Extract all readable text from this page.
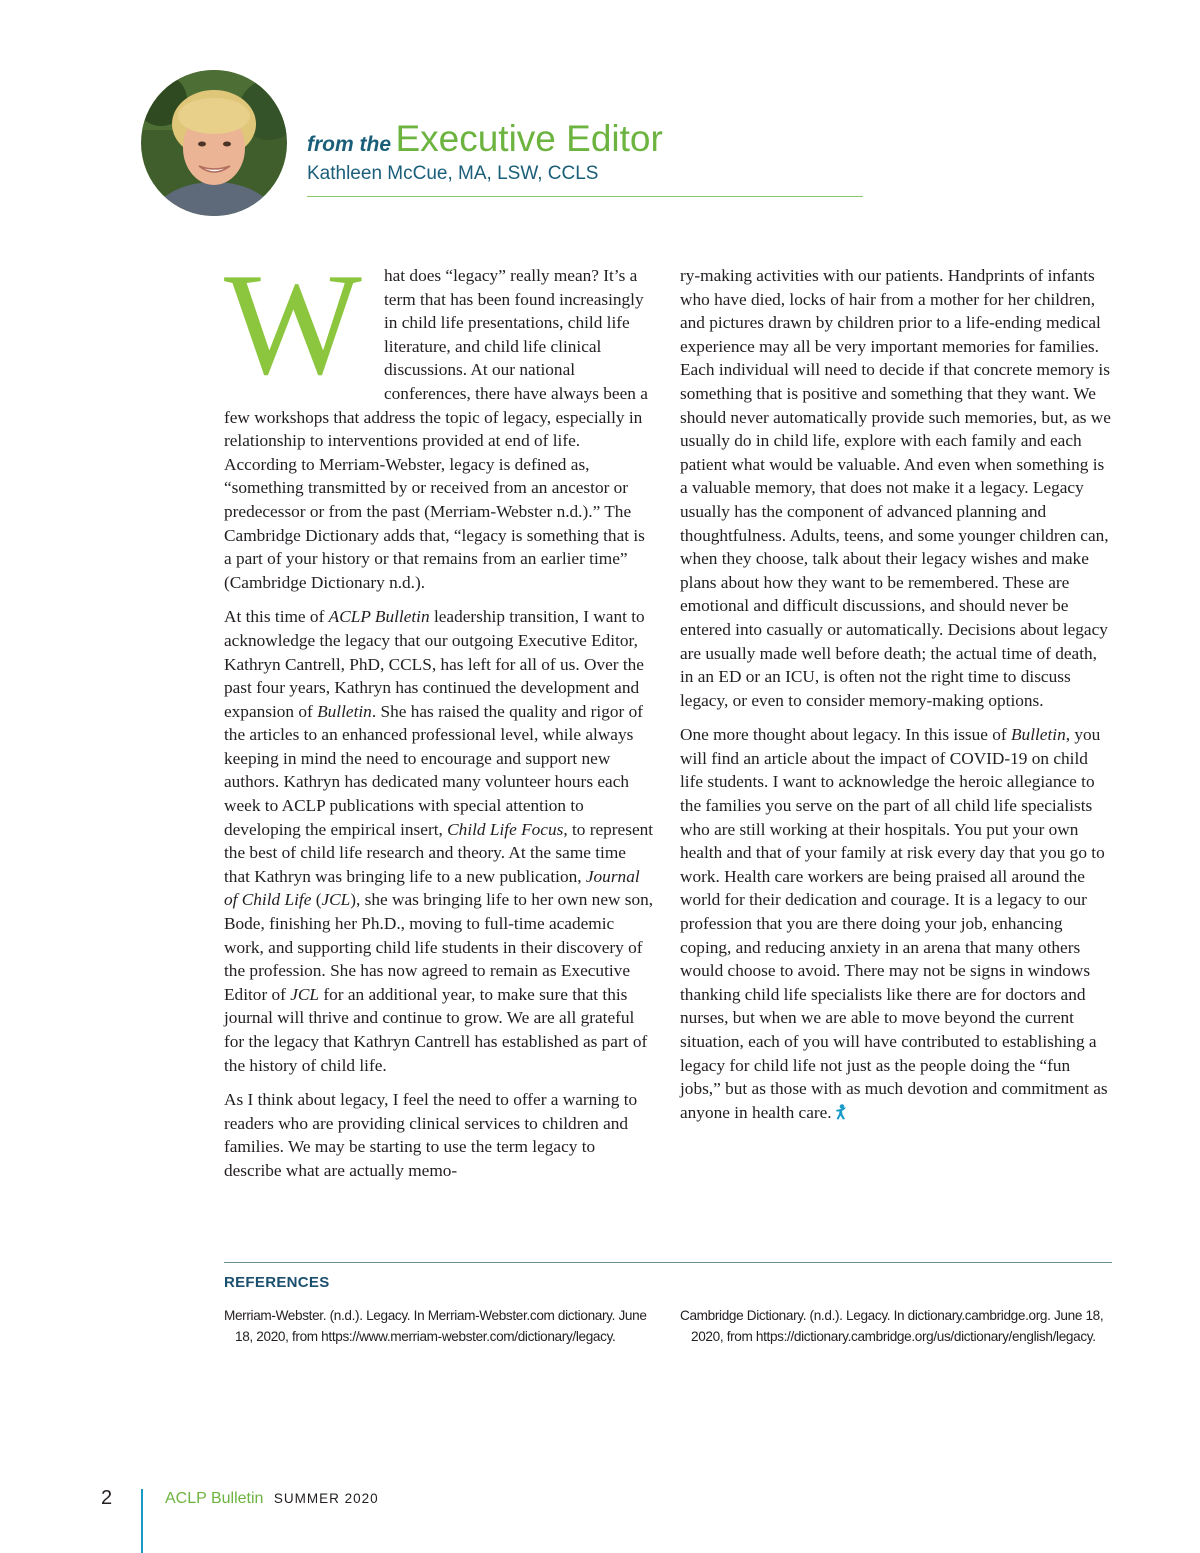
from the Executive Editor
Kathleen McCue, MA, LSW, CCLS

W	hat does “legacy” really mean? It’s a term that has been found increasingly in child life presentations, child life literature, and child life clinical discussions. At our national conferences, there have always been a few workshops that address the topic of legacy, especially in relationship to interventions provided at end of life. According to Merriam-Webster, legacy is defined as, “something transmitted by or received from an ancestor or predecessor or from the past (Merriam-Webster n.d.).” The Cambridge Dictionary adds that, “legacy is something that is a part of your history or that remains from an earlier time” (Cambridge Dictionary n.d.).

At this time of ACLP Bulletin leadership transition, I want to acknowledge the legacy that our outgoing Executive Editor, Kathryn Cantrell, PhD, CCLS, has left for all of us. Over the past four years, Kathryn has continued the development and expansion of Bulletin. She has raised the quality and rigor of the articles to an enhanced professional level, while always keeping in mind the need to encourage and support new authors. Kathryn has dedicated many volunteer hours each week to ACLP publications with special attention to developing the empirical insert, Child Life Focus, to represent the best of child life research and theory. At the same time that Kathryn was bringing life to a new publication, Journal of Child Life (JCL), she was bringing life to her own new son, Bode, finishing her Ph.D., moving to full-time academic work, and supporting child life students in their discovery of the profession. She has now agreed to remain as Executive Editor of JCL for an additional year, to make sure that this journal will thrive and continue to grow. We are all grateful for the legacy that Kathryn Cantrell has established as part of the history of child life.

As I think about legacy, I feel the need to offer a warning to readers who are providing clinical services to children and families. We may be starting to use the term legacy to describe what are actually memo-

ry-making activities with our patients. Handprints of infants who have died, locks of hair from a mother for her children, and pictures drawn by children prior to a life-ending medical experience may all be very important memories for families. Each individual will need to decide if that concrete memory is something that is positive and something that they want. We should never automatically provide such memories, but, as we usually do in child life, explore with each family and each patient what would be valuable. And even when something is a valuable memory, that does not make it a legacy. Legacy usually has the component of advanced planning and thoughtfulness. Adults, teens, and some younger children can, when they choose, talk about their legacy wishes and make plans about how they want to be remembered. These are emotional and difficult discussions, and should never be entered into casually or automatically. Decisions about legacy are usually made well before death; the actual time of death, in an ED or an ICU, is often not the right time to discuss legacy, or even to consider memory-making options.

One more thought about legacy. In this issue of Bulletin, you will find an article about the impact of COVID-19 on child life students. I want to acknowledge the heroic allegiance to the families you serve on the part of all child life specialists who are still working at their hospitals. You put your own health and that of your family at risk every day that you go to work. Health care workers are being praised all around the world for their dedication and courage. It is a legacy to our profession that you are there doing your job, enhancing coping, and reducing anxiety in an arena that many others would choose to avoid. There may not be signs in windows thanking child life specialists like there are for doctors and nurses, but when we are able to move beyond the current situation, each of you will have contributed to establishing a legacy for child life not just as the people doing the “fun jobs,” but as those with as much devotion and commitment as anyone in health care.

REFERENCES
Merriam-Webster. (n.d.). Legacy. In Merriam-Webster.com dictionary. June 18, 2020, from https://www.merriam-webster.com/dictionary/legacy.
Cambridge Dictionary. (n.d.). Legacy. In dictionary.cambridge.org. June 18, 2020, from https://dictionary.cambridge.org/us/dictionary/english/legacy.
2	ACLP Bulletin SUMMER 2020
